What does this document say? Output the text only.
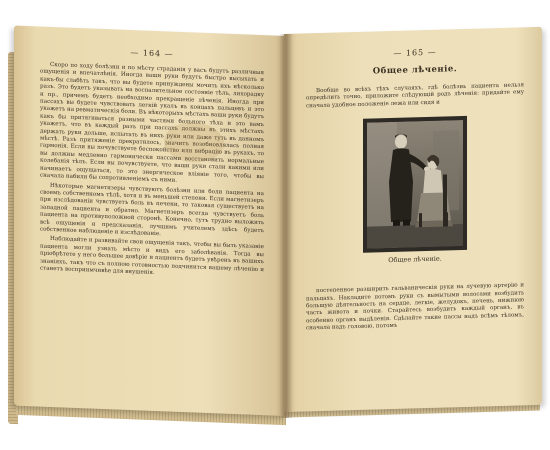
— 164 —

Скоро по ходу болѣзни и по мѣсту страданія у васъ будутъ различныя ощущенія и впечатлѣнія. Иногда ваши руки будутъ быстро высыхать и какъ-бы слабѣть такъ, что вы будете принуждены мочить ихъ нѣсколько разъ. Это будетъ указывать на воспалительное состояніе тѣлъ, лихорадку и пр., причемъ будетъ необходимо прекращеніе лѣченія. Иногда при пассахъ вы будете чувствовать легкій укалъ въ концахъ пальцевъ и это укажетъ на ревматическія боли. Въ нѣкоторыхъ мѣстахъ ваши руки будутъ какъ бы притягиваться разными частями больного тѣла и это вамъ укажетъ, что въ каждый разъ при пассахъ должны въ этихъ мѣстахъ держать руки дольше, испытать въ нихъ руки или даже туть въ данномъ мѣстѣ. Разъ притяженіе прекратилось, значитъ возобновлялась полная гармонія. Если вы почувствуете беспокойство или вибрацію въ рукахъ, то вы должны медленно гармонически пассами восстановить нормальные колебанія тѣлъ. Если вы почувствуете, что ваши руки стали какими или начинаетъ ощущаться, то это энергическое вліяніе того, чтобы вы сначала набили бы сопротивленіемъ съ ними.

Нѣкоторые магнетизеры чувствуютъ болѣзни или боли пациента на своемъ собственномъ тѣлѣ, хотя и въ меньшей степени. Если магнетизеръ при изслѣдованіи чувствуетъ боль въ печени, то таковая существуетъ на западной пациента и обратно. Магнетизеръ всегда чувствуетъ боль пациента на противуположной сторонѣ. Конечно, тутъ трудно выложить всѣ ощущенія и предсказанія, лучшимъ учителемъ здѣсь будетъ собственное наблюденіе и изслѣдованіе.

Наблюдайте и развивайте свои ощущенія такъ, чтобы вы быть указаніе пациента могли узнать мѣсто и видъ его заболѣванія. Тогда вы пріобрѣтете у него большее довѣріе и пациентъ будетъ увѣренъ въ вашихъ знаніяхъ, такъ что съ полною готовностью подчинится вашему лѣченію и станетъ восприимчивѣе для внушенія.

— 165 —
Общее лѣченіе.

Вообще во всѣхъ тѣхъ случаяхъ, гдѣ болѣзнь пациента нельзя опредѣлить точно, приложите слѣдующій родъ лѣченія: придайте ему сначала удобное положеніе лежа или сидя и

Общее лѣченіе.

постепенное разширить гальваническія руки на лучевую артерію и пальцахъ. Накладите потомъ руки съ вымытыми волосами возбудить большую дѣятельность на сердце, легкіе, желудокъ, печень, нижнюю часть живота и почки. Старайтесь возбудить каждый органъ, въ особенно органъ выдѣленія. Сдѣлайте такие пассы надъ всѣмъ тѣломъ, сначала надъ головою, потомъ
